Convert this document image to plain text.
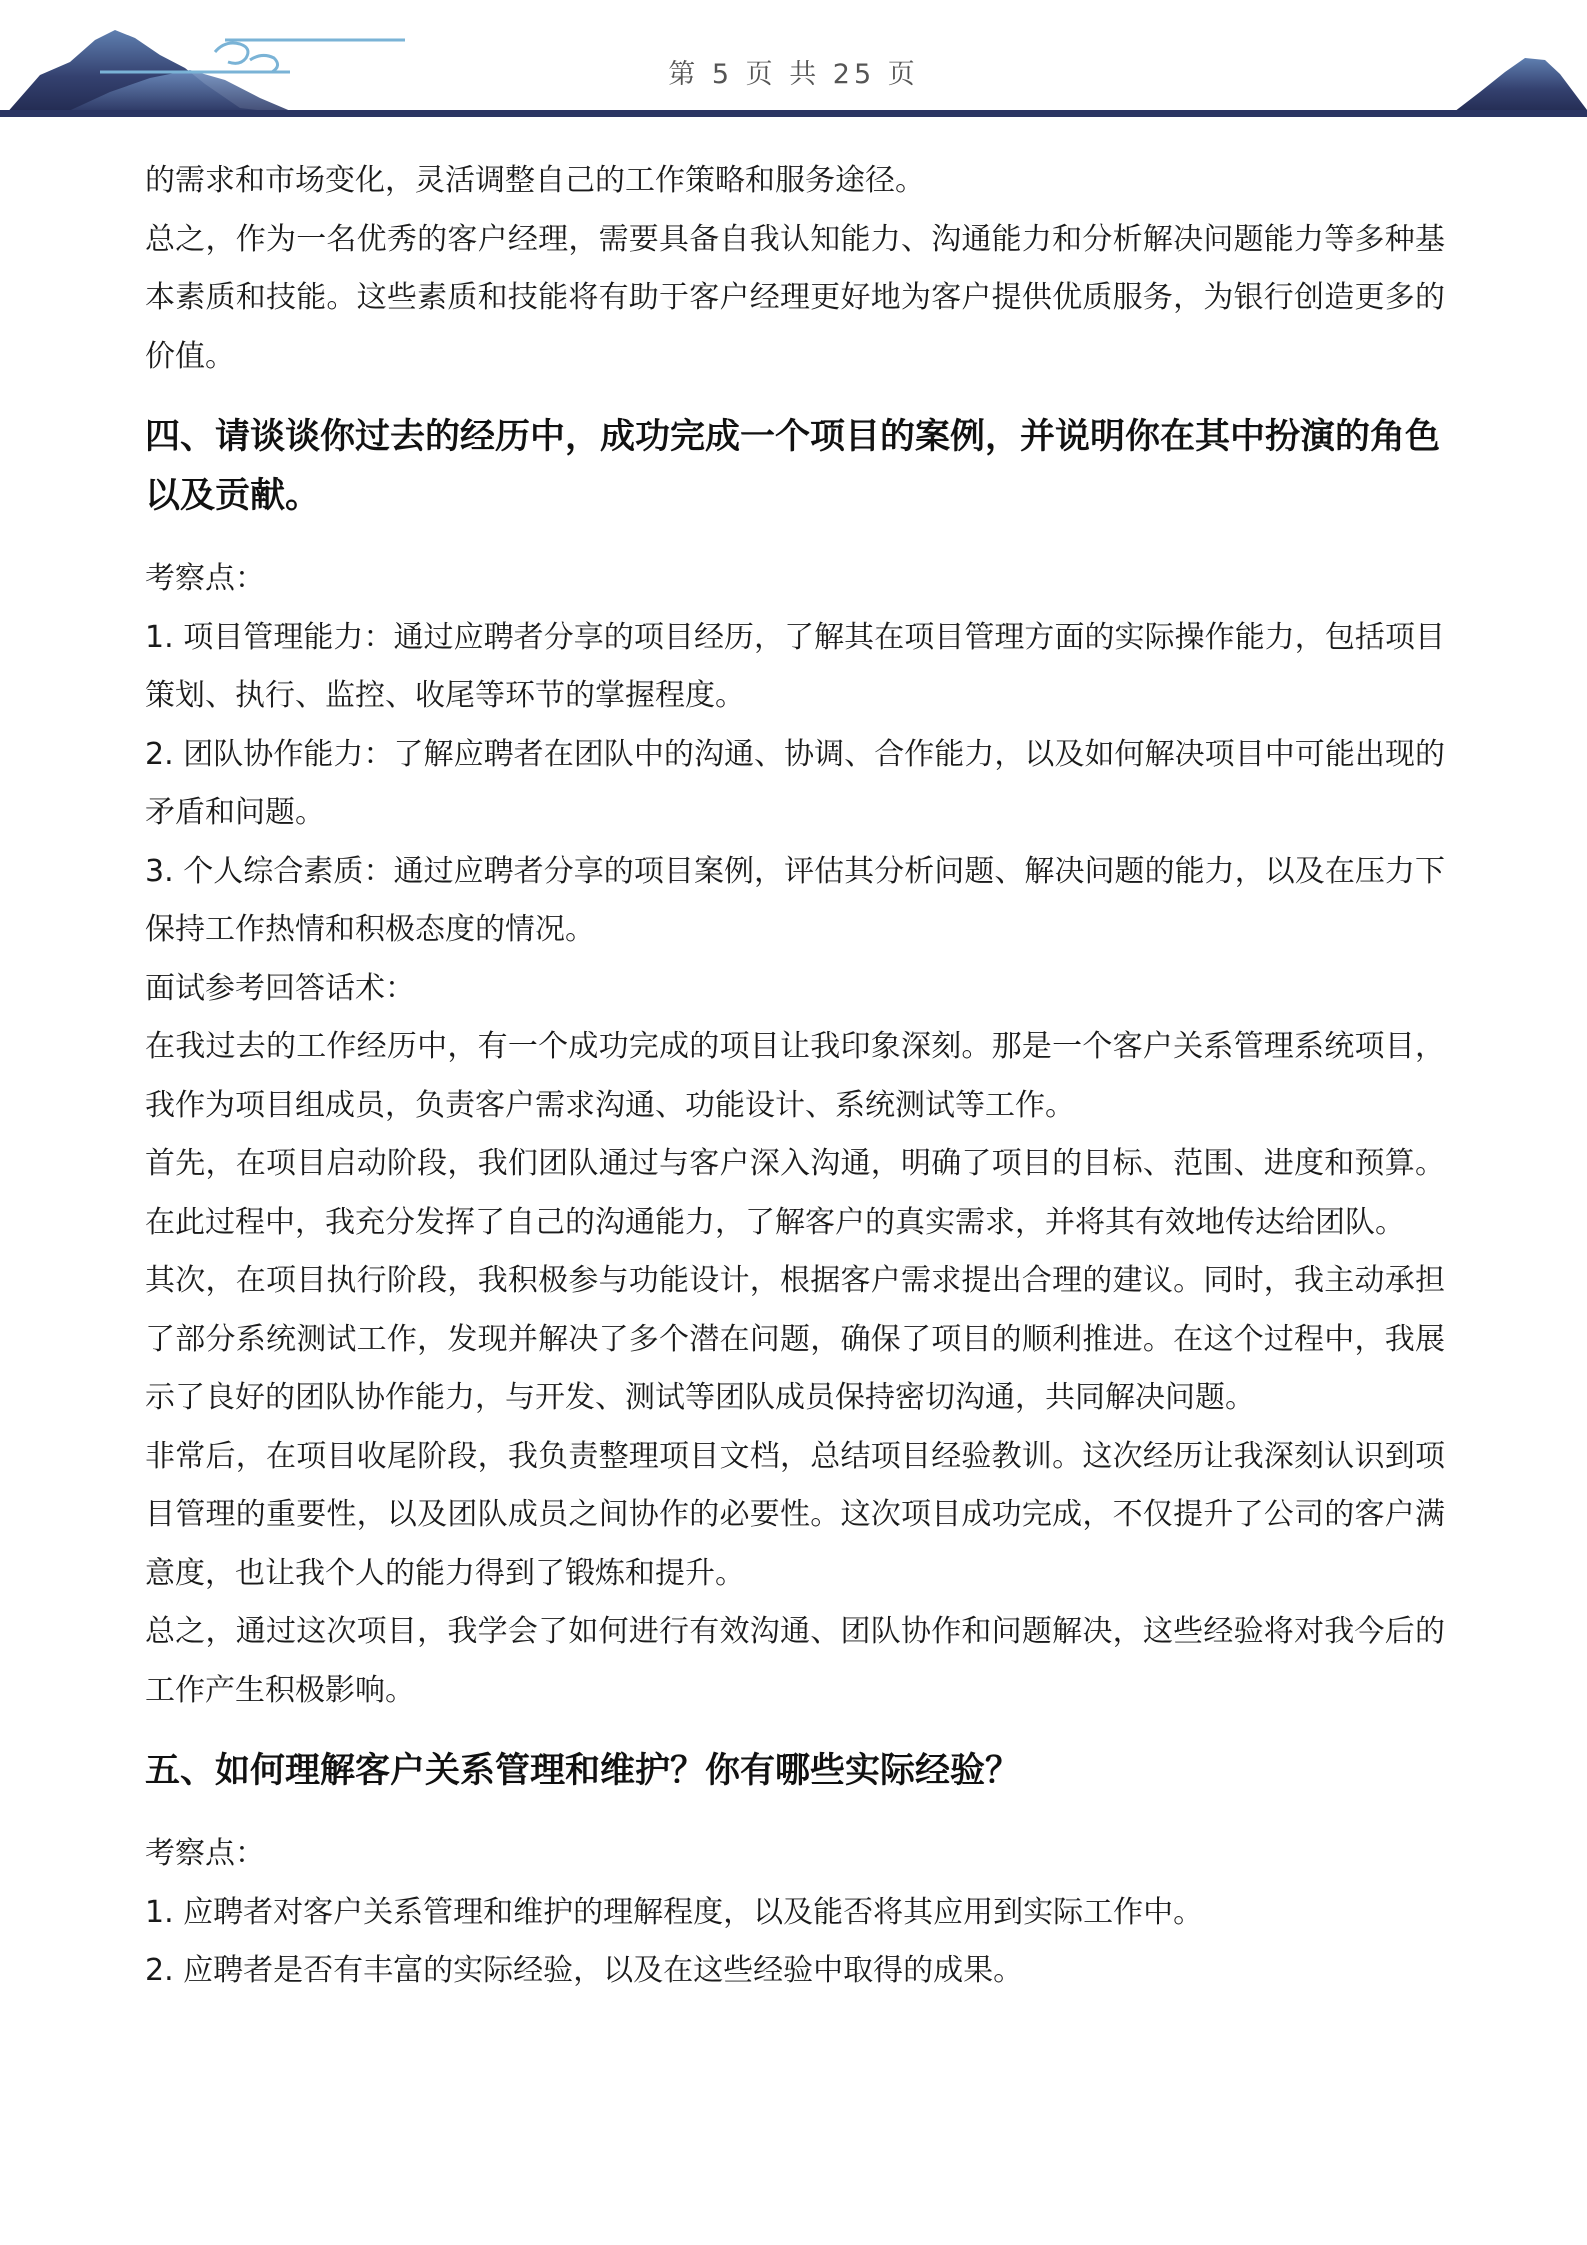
第 5 页 共 25 页

的需求和市场变化，灵活调整自己的工作策略和服务途径。

总之，作为一名优秀的客户经理，需要具备自我认知能力、沟通能力和分析解决问题能力等多种基本素质和技能。这些素质和技能将有助于客户经理更好地为客户提供优质服务，为银行创造更多的价值。

四、请谈谈你过去的经历中，成功完成一个项目的案例，并说明你在其中扮演的角色以及贡献。

考察点：

1. 项目管理能力：通过应聘者分享的项目经历，了解其在项目管理方面的实际操作能力，包括项目策划、执行、监控、收尾等环节的掌握程度。

2. 团队协作能力：了解应聘者在团队中的沟通、协调、合作能力，以及如何解决项目中可能出现的矛盾和问题。

3. 个人综合素质：通过应聘者分享的项目案例，评估其分析问题、解决问题的能力，以及在压力下保持工作热情和积极态度的情况。

面试参考回答话术：

在我过去的工作经历中，有一个成功完成的项目让我印象深刻。那是一个客户关系管理系统项目，我作为项目组成员，负责客户需求沟通、功能设计、系统测试等工作。

首先，在项目启动阶段，我们团队通过与客户深入沟通，明确了项目的目标、范围、进度和预算。在此过程中，我充分发挥了自己的沟通能力，了解客户的真实需求，并将其有效地传达给团队。

其次，在项目执行阶段，我积极参与功能设计，根据客户需求提出合理的建议。同时，我主动承担了部分系统测试工作，发现并解决了多个潜在问题，确保了项目的顺利推进。在这个过程中，我展示了良好的团队协作能力，与开发、测试等团队成员保持密切沟通，共同解决问题。

非常后，在项目收尾阶段，我负责整理项目文档，总结项目经验教训。这次经历让我深刻认识到项目管理的重要性，以及团队成员之间协作的必要性。这次项目成功完成，不仅提升了公司的客户满意度，也让我个人的能力得到了锻炼和提升。

总之，通过这次项目，我学会了如何进行有效沟通、团队协作和问题解决，这些经验将对我今后的工作产生积极影响。

五、如何理解客户关系管理和维护？你有哪些实际经验？

考察点：

1. 应聘者对客户关系管理和维护的理解程度，以及能否将其应用到实际工作中。

2. 应聘者是否有丰富的实际经验，以及在这些经验中取得的成果。
